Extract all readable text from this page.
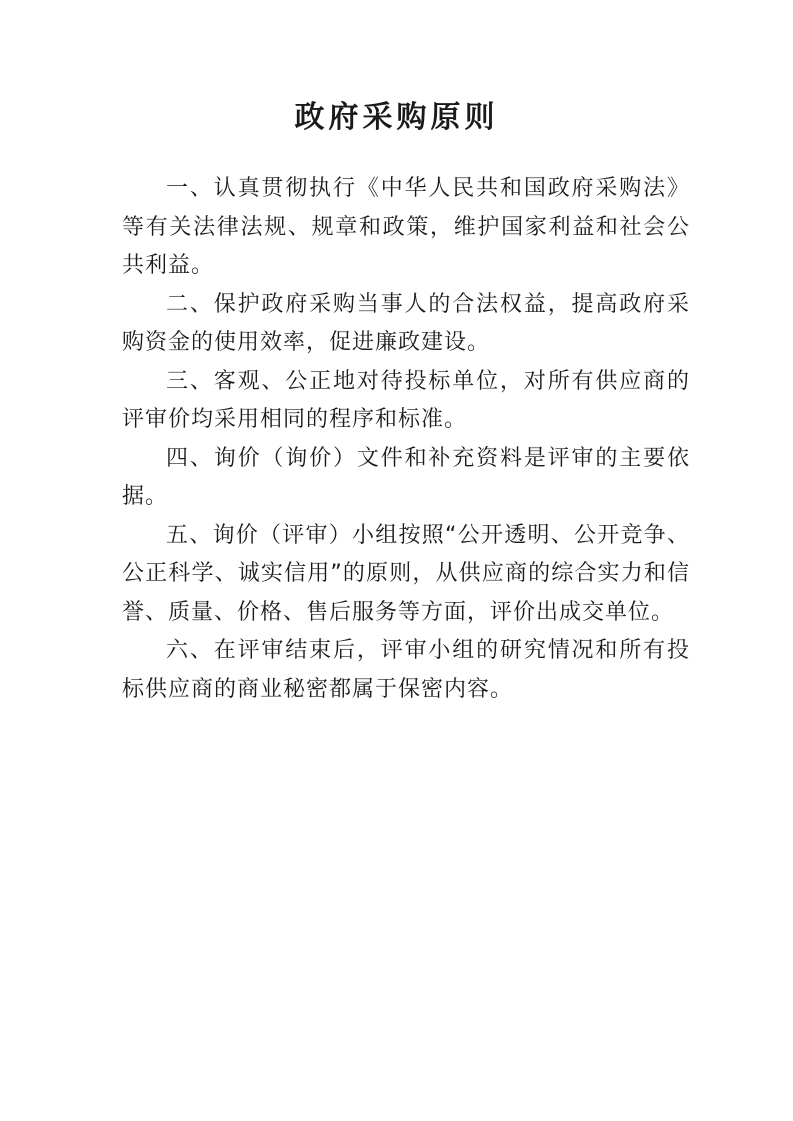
政府采购原则

一、认真贯彻执行《中华人民共和国政府采购法》等有关法律法规、规章和政策，维护国家利益和社会公共利益。

二、保护政府采购当事人的合法权益，提高政府采购资金的使用效率，促进廉政建设。

三、客观、公正地对待投标单位，对所有供应商的评审价均采用相同的程序和标准。

四、询价（询价）文件和补充资料是评审的主要依据。

五、询价（评审）小组按照“公开透明、公开竞争、公正科学、诚实信用”的原则，从供应商的综合实力和信誉、质量、价格、售后服务等方面，评价出成交单位。

六、在评审结束后，评审小组的研究情况和所有投标供应商的商业秘密都属于保密内容。
